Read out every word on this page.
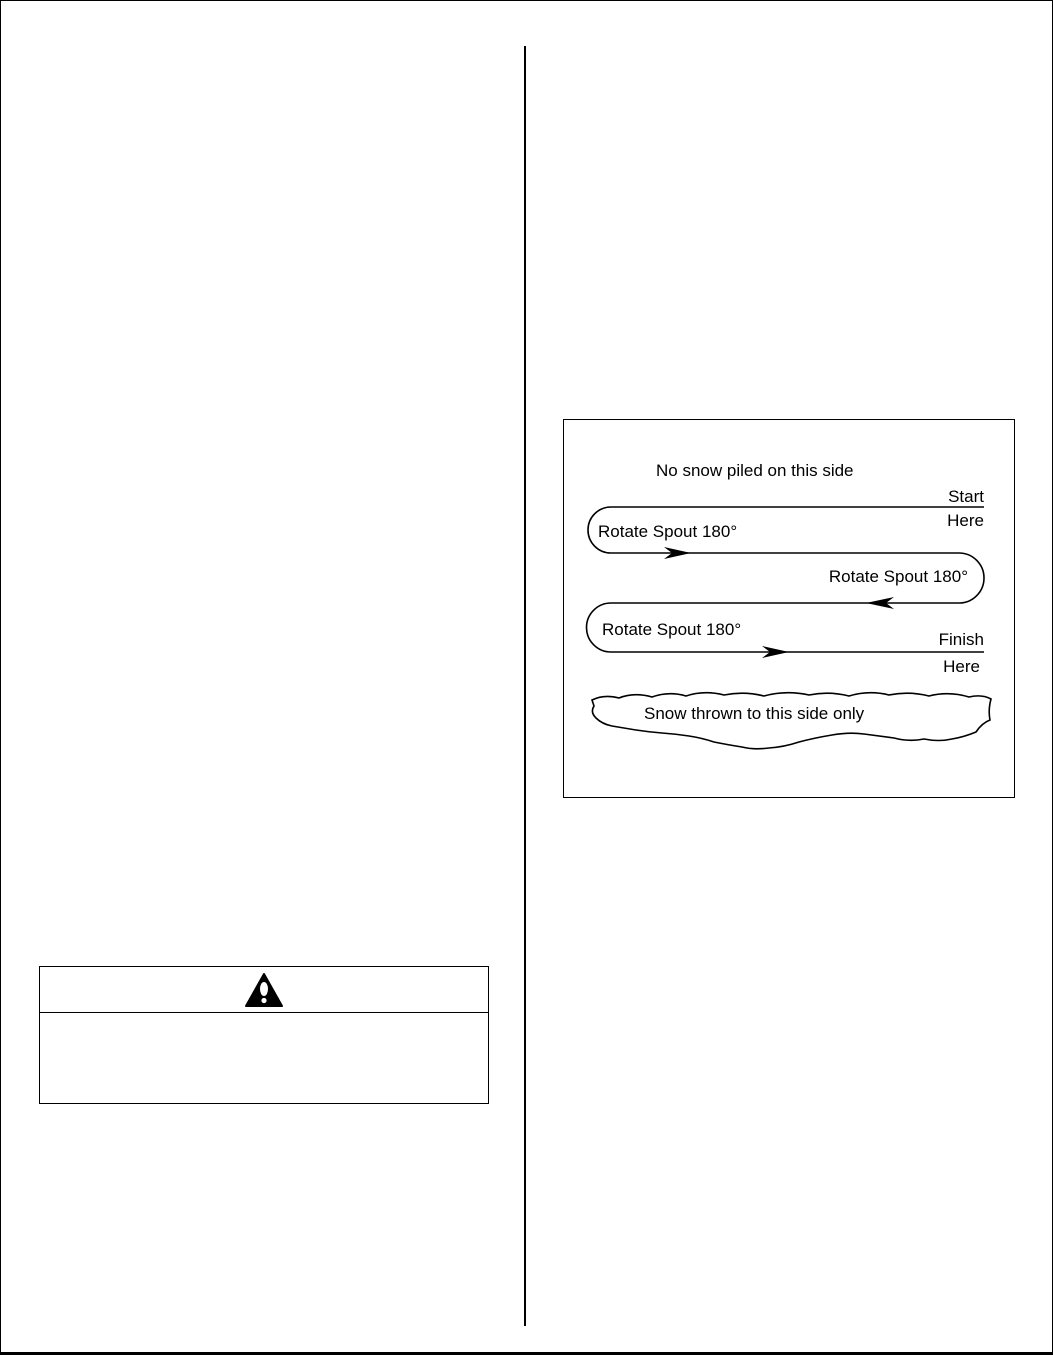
No snow piled on this side
Start
Here
Rotate Spout 180°
Rotate Spout 180°
Rotate Spout 180°
Finish
Here
Snow thrown to this side only
